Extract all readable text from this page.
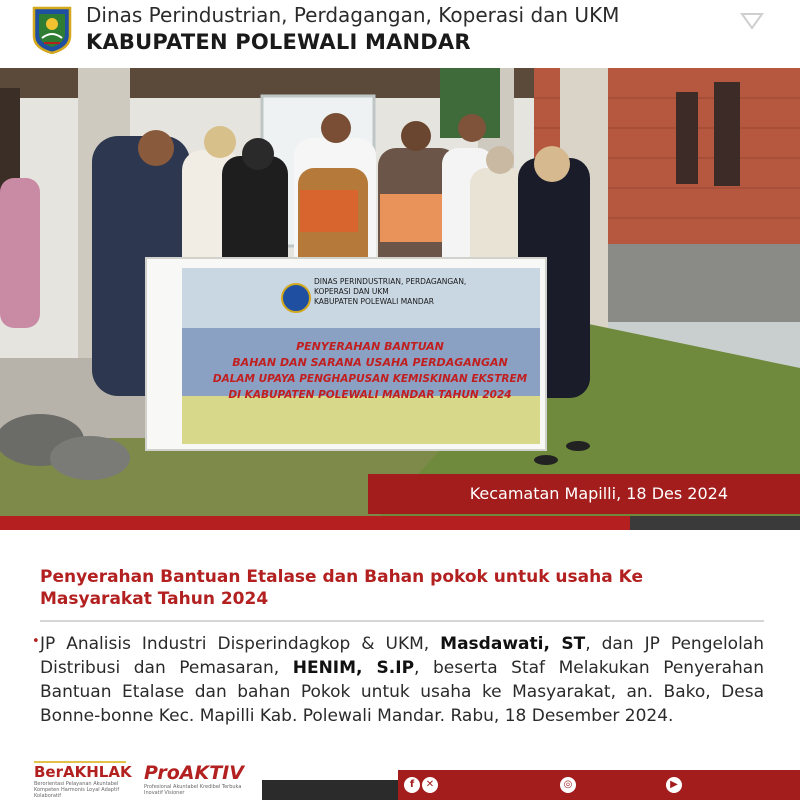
Dinas Perindustrian, Perdagangan, Koperasi dan UKM
KABUPATEN POLEWALI MANDAR
DINAS PERINDUSTRIAN, PERDAGANGAN,
KOPERASI DAN UKM
KABUPATEN POLEWALI MANDAR
PENYERAHAN BANTUAN
BAHAN DAN SARANA USAHA PERDAGANGAN
DALAM UPAYA PENGHAPUSAN KEMISKINAN EKSTREM
DI KABUPATEN POLEWALI MANDAR TAHUN 2024
Kecamatan Mapilli, 18 Des 2024
Penyerahan Bantuan Etalase dan Bahan pokok untuk usaha Ke Masyarakat Tahun 2024
• JP Analisis Industri Disperindagkop & UKM, Masdawati, ST, dan JP Pengelolah Distribusi dan Pemasaran, HENIM, S.IP, beserta Staf Melakukan Penyerahan Bantuan Etalase dan bahan Pokok untuk usaha ke Masyarakat, an. Bako, Desa Bonne-bonne Kec. Mapilli Kab. Polewali Mandar. Rabu, 18 Desember 2024.
BerAKHLAK
Berorientasi Pelayanan Akuntabel Kompeten Harmonis Loyal Adaptif Kolaboratif
ProAKTIV
Profesional Akuntabel Kredibel Terbuka Inovatif Visioner
f	✕	◎	▶
